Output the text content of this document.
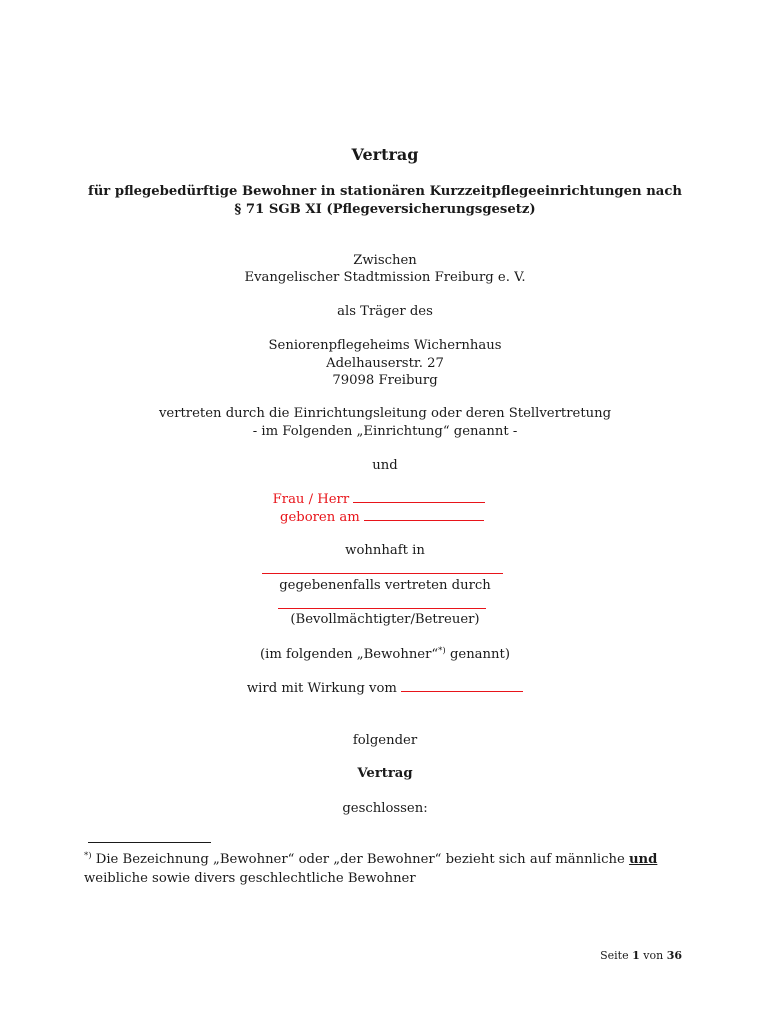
Vertrag
für pflegebedürftige Bewohner in stationären Kurzzeitpflegeeinrichtungen nach
§ 71 SGB XI (Pflegeversicherungsgesetz)
Zwischen
Evangelischer Stadtmission Freiburg e. V.
als Träger des
Seniorenpflegeheims Wichernhaus
Adelhauserstr. 27
79098 Freiburg
vertreten durch die Einrichtungsleitung oder deren Stellvertretung
- im Folgenden „Einrichtung“ genannt -
und
Frau / Herr
geboren am
wohnhaft in
gegebenenfalls vertreten durch
(Bevollmächtigter/Betreuer)
(im folgenden „Bewohner“*) genannt)
wird mit Wirkung vom
folgender
Vertrag
geschlossen:
*) Die Bezeichnung „Bewohner“ oder „der Bewohner“ bezieht sich auf männliche und
weibliche sowie divers geschlechtliche Bewohner
Seite 1 von 36
